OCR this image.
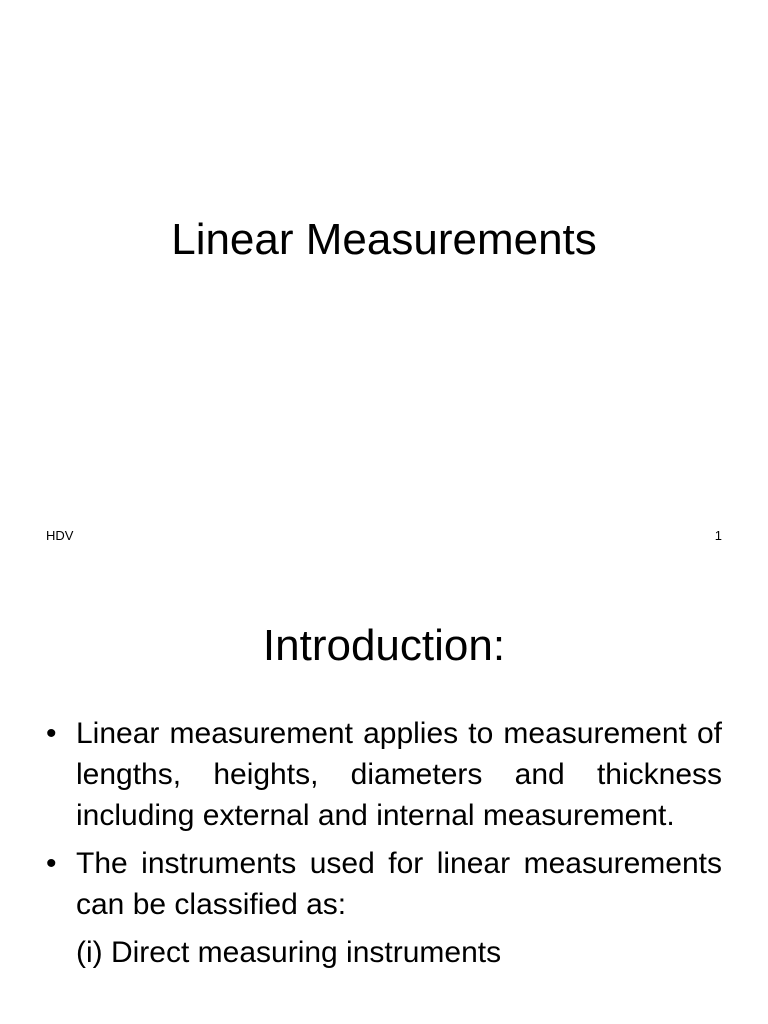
Linear Measurements
HDV	1
Introduction:
• Linear measurement applies to measurement of lengths, heights, diameters and thickness including external and internal measurement.
• The instruments used for linear measurements can be classified as:
(i) Direct measuring instruments
